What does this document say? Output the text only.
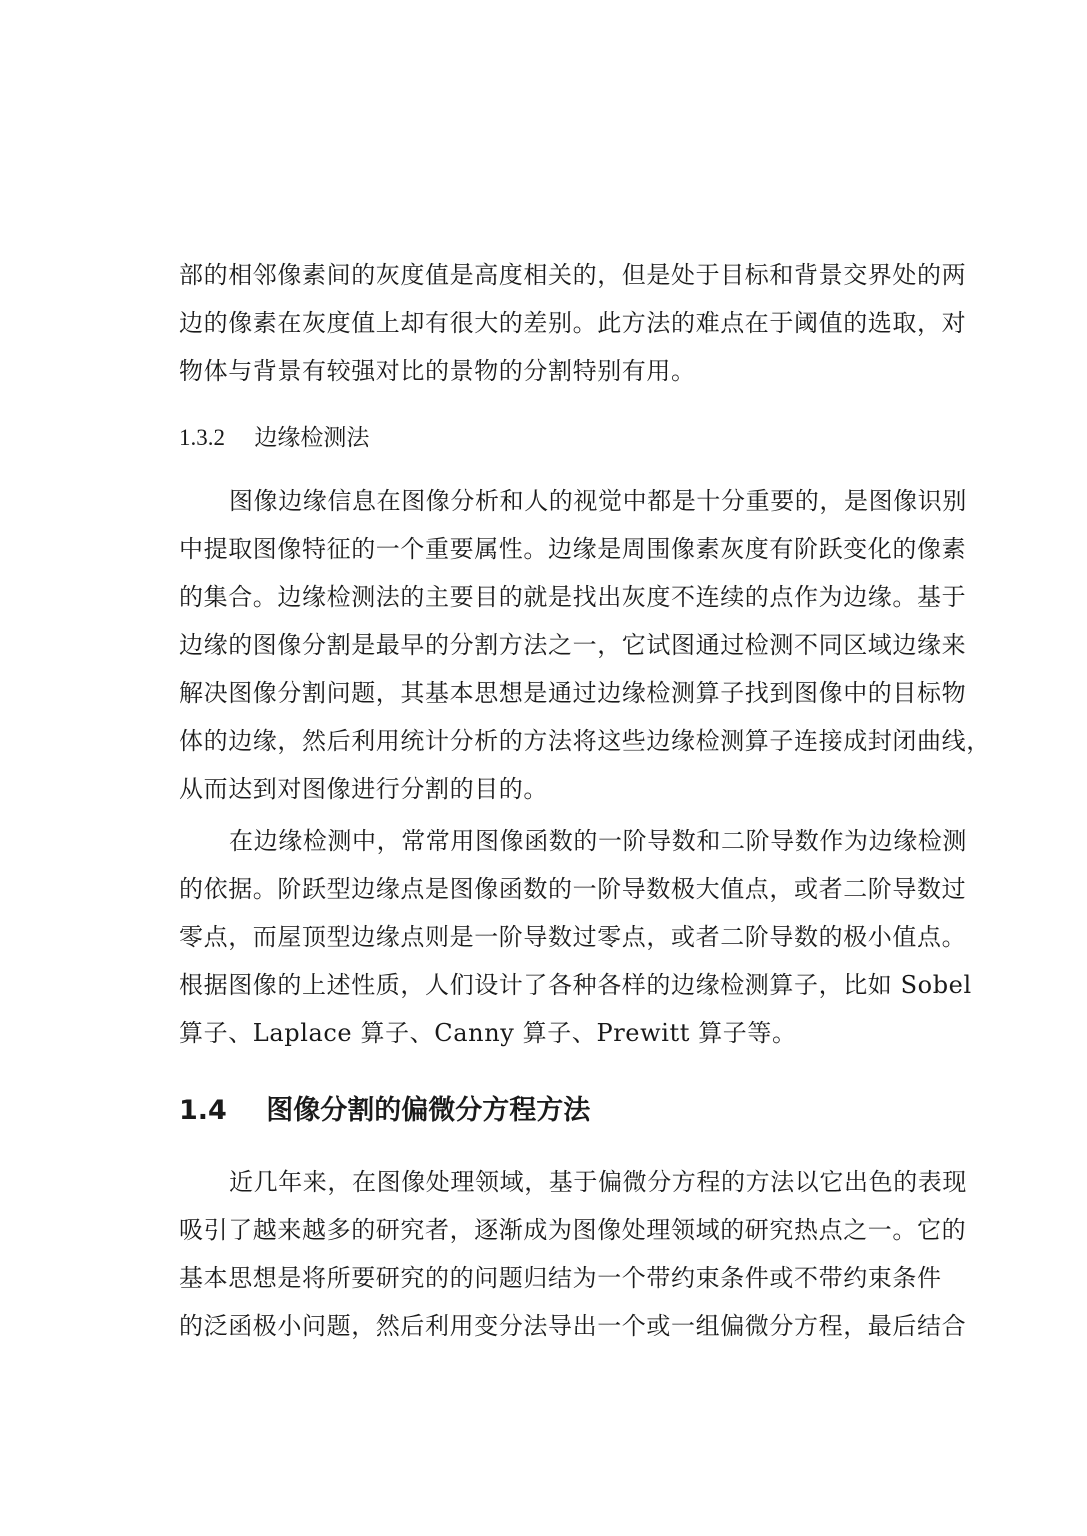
部的相邻像素间的灰度值是高度相关的，但是处于目标和背景交界处的两
边的像素在灰度值上却有很大的差别。此方法的难点在于阈值的选取，对
物体与背景有较强对比的景物的分割特别有用。
1.3.2 边缘检测法
图像边缘信息在图像分析和人的视觉中都是十分重要的，是图像识别
中提取图像特征的一个重要属性。边缘是周围像素灰度有阶跃变化的像素
的集合。边缘检测法的主要目的就是找出灰度不连续的点作为边缘。基于
边缘的图像分割是最早的分割方法之一，它试图通过检测不同区域边缘来
解决图像分割问题，其基本思想是通过边缘检测算子找到图像中的目标物
体的边缘，然后利用统计分析的方法将这些边缘检测算子连接成封闭曲线，
从而达到对图像进行分割的目的。
在边缘检测中，常常用图像函数的一阶导数和二阶导数作为边缘检测
的依据。阶跃型边缘点是图像函数的一阶导数极大值点，或者二阶导数过
零点，而屋顶型边缘点则是一阶导数过零点，或者二阶导数的极小值点。
根据图像的上述性质，人们设计了各种各样的边缘检测算子，比如 Sobel
算子、Laplace 算子、Canny 算子、Prewitt 算子等。
1.4 图像分割的偏微分方程方法
近几年来，在图像处理领域，基于偏微分方程的方法以它出色的表现
吸引了越来越多的研究者，逐渐成为图像处理领域的研究热点之一。它的
基本思想是将所要研究的的问题归结为一个带约束条件或不带约束条件
的泛函极小问题，然后利用变分法导出一个或一组偏微分方程，最后结合
